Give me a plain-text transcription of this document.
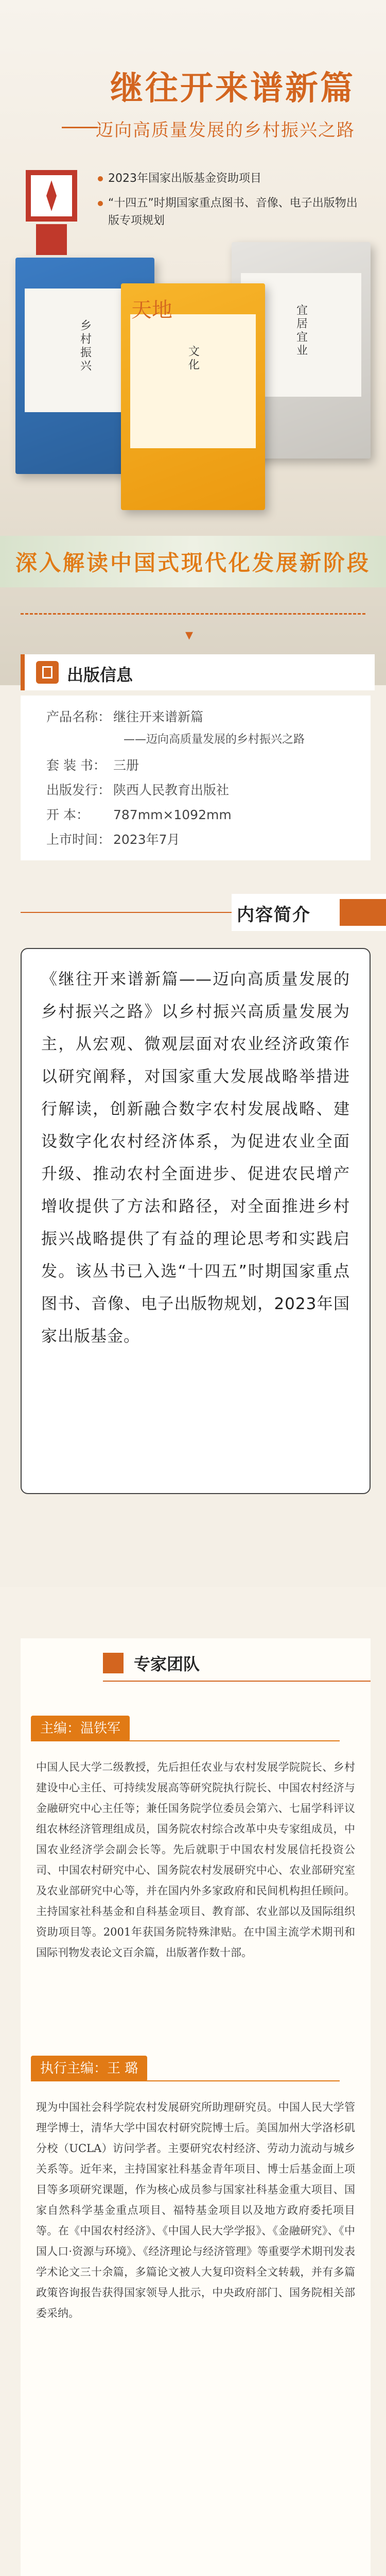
继往开来谱新篇
迈向高质量发展的乡村振兴之路
2023年国家出版基金资助项目
“十四五”时期国家重点图书、音像、电子出版物出版专项规划
乡村振兴	宜居宜业
天地
文化
深入解读中国式现代化发展新阶段
▾
出版信息
产品名称： 继往开来谱新篇
——迈向高质量发展的乡村振兴之路
套 装 书： 三册
出版发行： 陕西人民教育出版社
开 本： 787mm×1092mm
上市时间： 2023年7月
内容简介
《继往开来谱新篇——迈向高质量发展的乡村振兴之路》以乡村振兴高质量发展为主，从宏观、微观层面对农业经济政策作以研究阐释，对国家重大发展战略举措进行解读，创新融合数字农村发展战略、建设数字化农村经济体系，为促进农业全面升级、推动农村全面进步、促进农民增产增收提供了方法和路径，对全面推进乡村振兴战略提供了有益的理论思考和实践启发。该丛书已入选“十四五”时期国家重点图书、音像、电子出版物规划，2023年国家出版基金。
专家团队
主编：温铁军
中国人民大学二级教授，先后担任农业与农村发展学院院长、乡村建设中心主任、可持续发展高等研究院执行院长、中国农村经济与金融研究中心主任等；兼任国务院学位委员会第六、七届学科评议组农林经济管理组成员，国务院农村综合改革中央专家组成员，中国农业经济学会副会长等。先后就职于中国农村发展信托投资公司、中国农村研究中心、国务院农村发展研究中心、农业部研究室及农业部研究中心等，并在国内外多家政府和民间机构担任顾问。主持国家社科基金和自科基金项目、教育部、农业部以及国际组织资助项目等。2001年获国务院特殊津贴。在中国主流学术期刊和国际刊物发表论文百余篇，出版著作数十部。
执行主编：王 璐
现为中国社会科学院农村发展研究所助理研究员。中国人民大学管理学博士，清华大学中国农村研究院博士后。美国加州大学洛杉矶分校（UCLA）访问学者。主要研究农村经济、劳动力流动与城乡关系等。近年来，主持国家社科基金青年项目、博士后基金面上项目等多项研究课题，作为核心成员参与国家社科基金重大项目、国家自然科学基金重点项目、福特基金项目以及地方政府委托项目等。在《中国农村经济》、《中国人民大学学报》、《金融研究》、《中国人口·资源与环境》、《经济理论与经济管理》等重要学术期刊发表学术论文三十余篇，多篇论文被人大复印资料全文转载，并有多篇政策咨询报告获得国家领导人批示，中央政府部门、国务院相关部委采纳。
